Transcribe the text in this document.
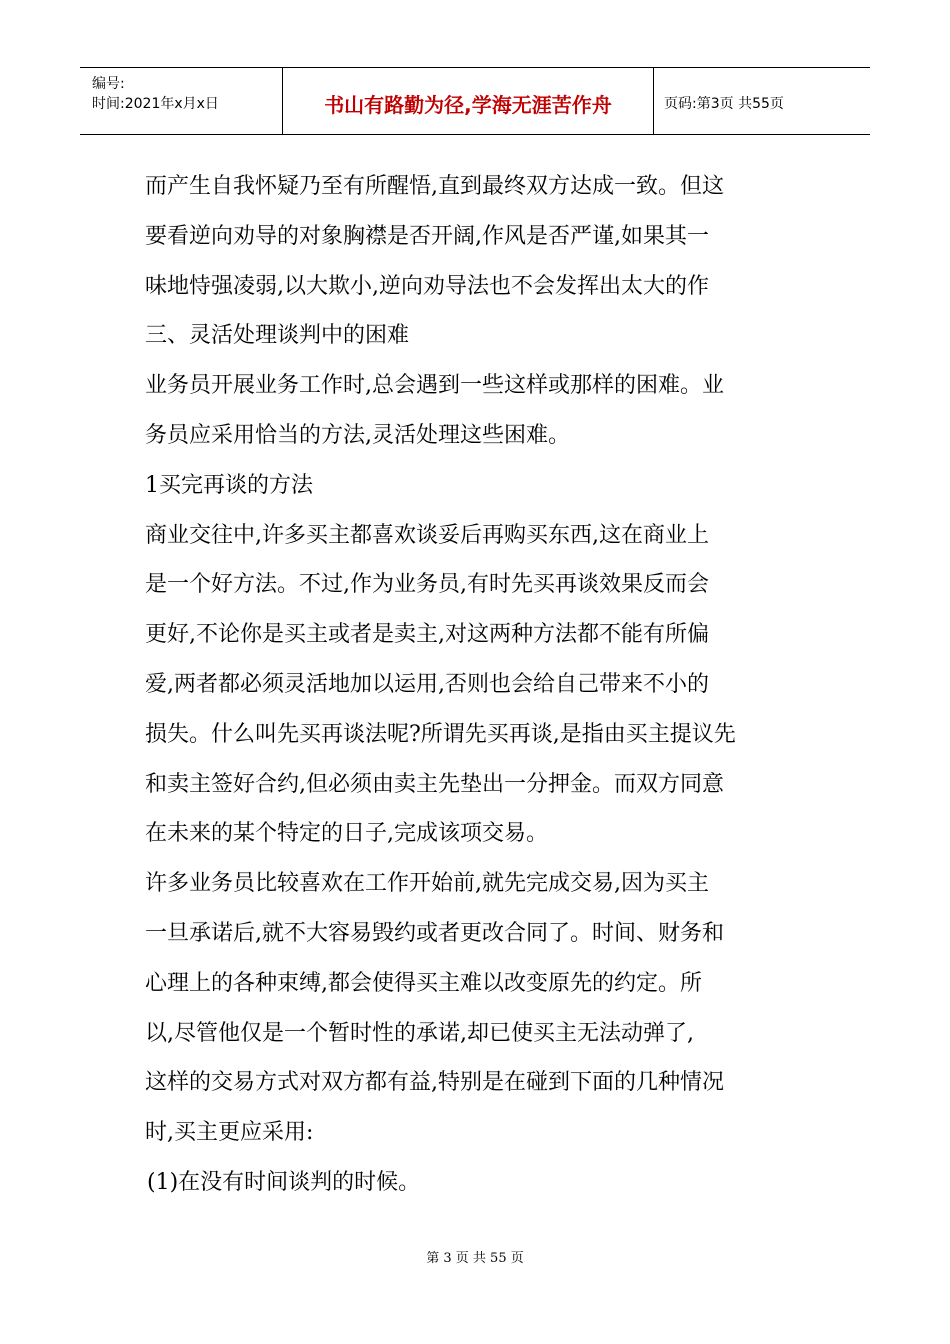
编号:
时间:2021年x月x日	书山有路勤为径,学海无涯苦作舟	页码:第3页 共55页

而产生自我怀疑乃至有所醒悟,直到最终双方达成一致。但这

要看逆向劝导的对象胸襟是否开阔,作风是否严谨,如果其一

味地恃强凌弱,以大欺小,逆向劝导法也不会发挥出太大的作

三、灵活处理谈判中的困难

业务员开展业务工作时,总会遇到一些这样或那样的困难。业

务员应采用恰当的方法,灵活处理这些困难。

1买完再谈的方法

商业交往中,许多买主都喜欢谈妥后再购买东西,这在商业上

是一个好方法。不过,作为业务员,有时先买再谈效果反而会

更好,不论你是买主或者是卖主,对这两种方法都不能有所偏

爱,两者都必须灵活地加以运用,否则也会给自己带来不小的

损失。什么叫先买再谈法呢?所谓先买再谈,是指由买主提议先

和卖主签好合约,但必须由卖主先垫出一分押金。而双方同意

在未来的某个特定的日子,完成该项交易。

许多业务员比较喜欢在工作开始前,就先完成交易,因为买主

一旦承诺后,就不大容易毁约或者更改合同了。时间、财务和

心理上的各种束缚,都会使得买主难以改变原先的约定。所

以,尽管他仅是一个暂时性的承诺,却已使买主无法动弹了,

这样的交易方式对双方都有益,特别是在碰到下面的几种情况

时,买主更应采用:

(1)在没有时间谈判的时候。

第 3 页 共 55 页
